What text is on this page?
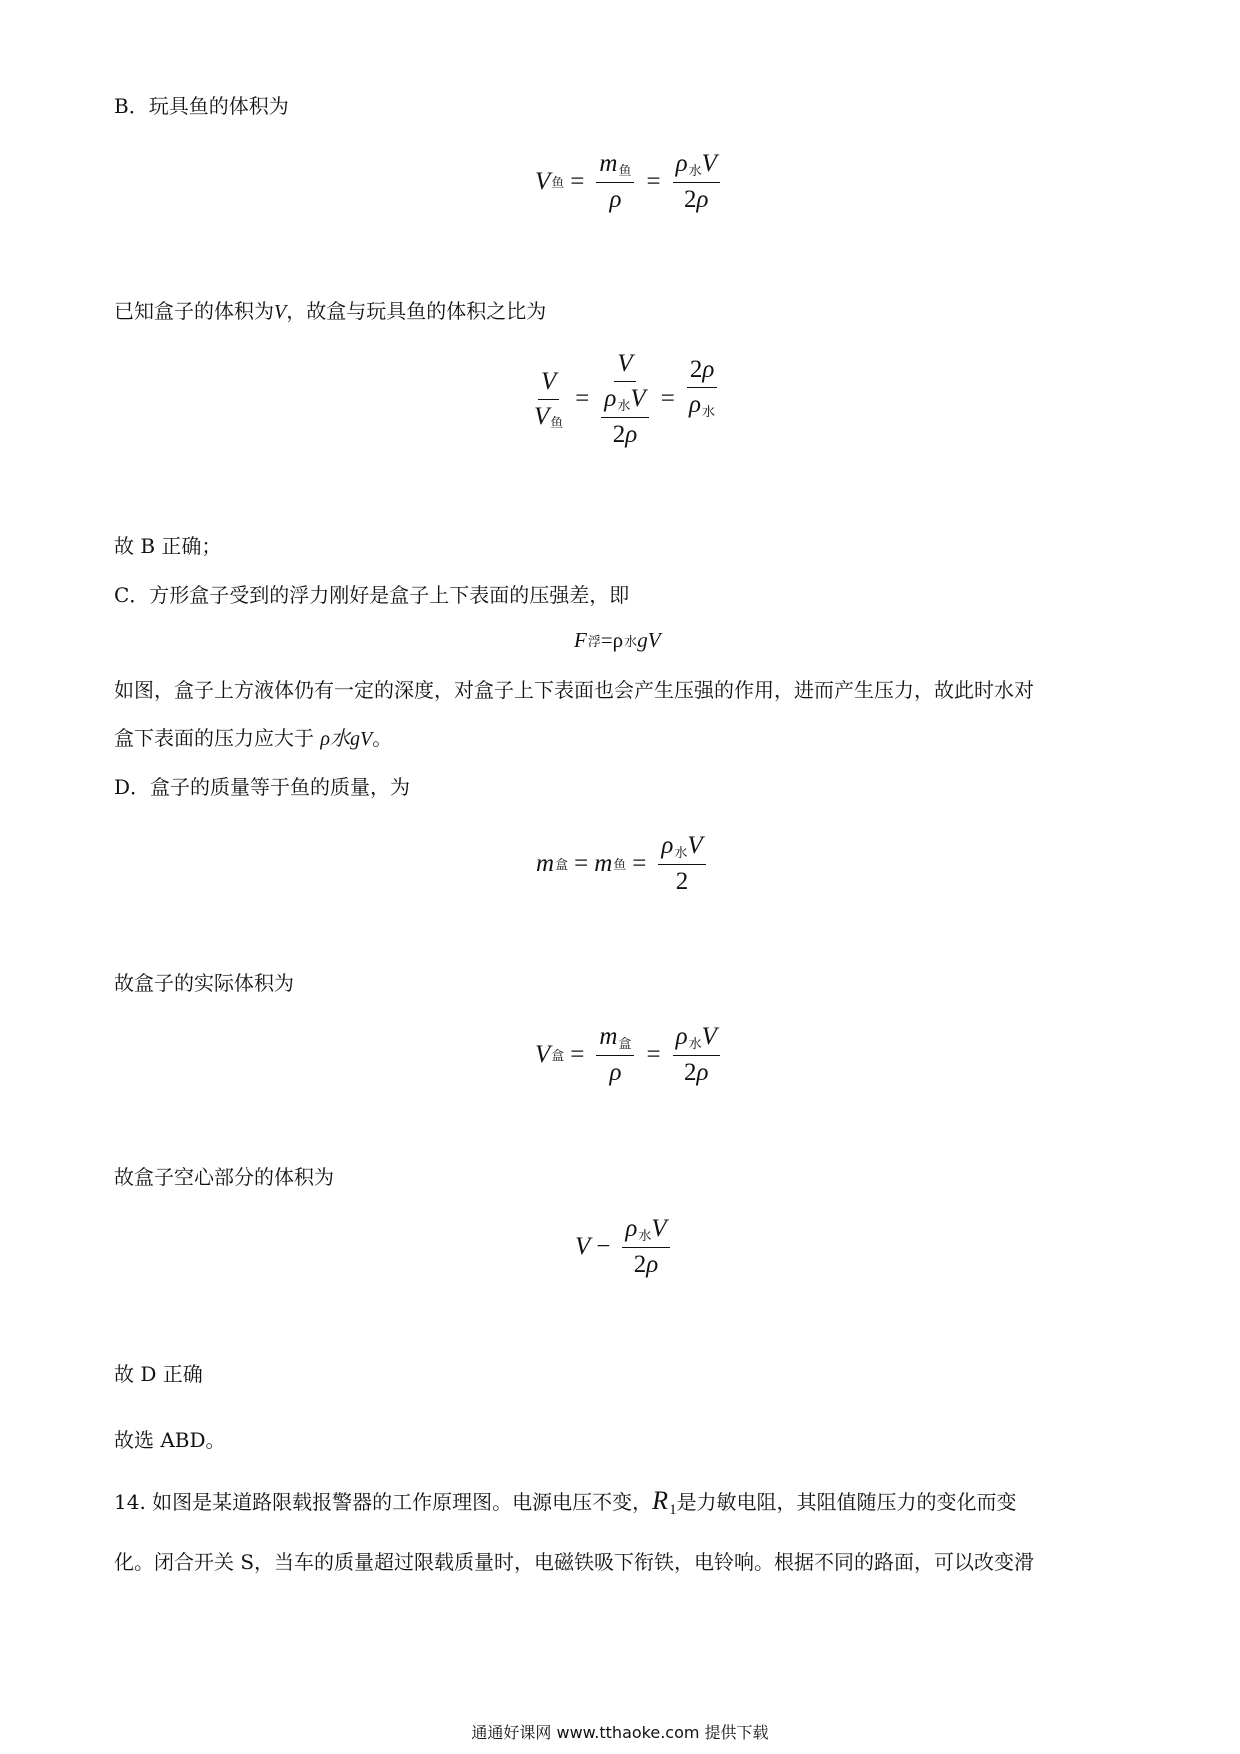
B．玩具鱼的体积为
V 鱼 = $\frac{m_鱼}{\rho} = \frac{\rho_水V}{2\rho}$
已知盒子的体积为V，故盒与玩具鱼的体积之比为
$\frac{V}{V_鱼} = \frac{V}{\frac{\rho_水V}{2\rho}} = \frac{2\rho}{\rho_水}$
故 B 正确；
C．方形盒子受到的浮力刚好是盒子上下表面的压强差，即
F 浮 =ρ 水 gV
如图，盒子上方液体仍有一定的深度，对盒子上下表面也会产生压强的作用，进而产生压力，故此时水对
盒下表面的压力应大于 ρ水gV。
D．盒子的质量等于鱼的质量，为
m 盒 = m 鱼 = $\frac{\rho_水V}{2}$
故盒子的实际体积为
V 盒 = $\frac{m_盒}{\rho} = \frac{\rho_水V}{2\rho}$
故盒子空心部分的体积为
$V - \frac{\rho_水V}{2\rho}$
故 D 正确
故选 ABD。
14. 如图是某道路限载报警器的工作原理图。电源电压不变，$R_1$是力敏电阻，其阻值随压力的变化而变
化。闭合开关 S，当车的质量超过限载质量时，电磁铁吸下衔铁，电铃响。根据不同的路面，可以改变滑
通通好课网 www.tthaoke.com 提供下载
